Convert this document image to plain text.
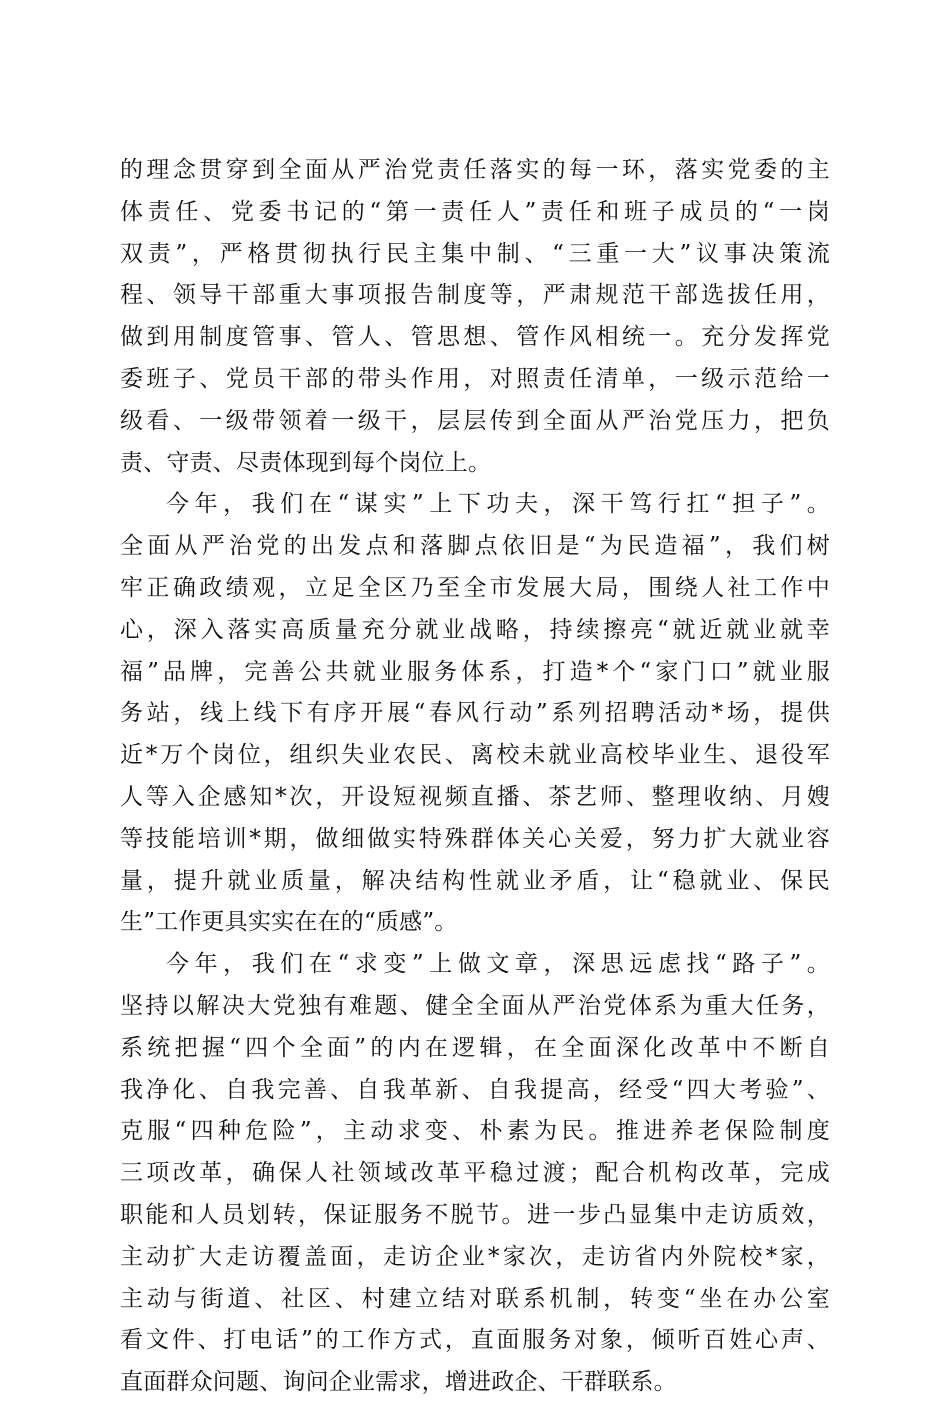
的理念贯穿到全面从严治党责任落实的每一环，落实党委的主
体责任、党委书记的“第一责任人”责任和班子成员的“一岗
双责”，严格贯彻执行民主集中制、“三重一大”议事决策流
程、领导干部重大事项报告制度等，严肃规范干部选拔任用，
做到用制度管事、管人、管思想、管作风相统一。充分发挥党
委班子、党员干部的带头作用，对照责任清单，一级示范给一
级看、一级带领着一级干，层层传到全面从严治党压力，把负
责、守责、尽责体现到每个岗位上。
今年，我们在“谋实”上下功夫，深干笃行扛“担子”。
全面从严治党的出发点和落脚点依旧是“为民造福”，我们树
牢正确政绩观，立足全区乃至全市发展大局，围绕人社工作中
心，深入落实高质量充分就业战略，持续擦亮“就近就业就幸
福”品牌，完善公共就业服务体系，打造*个“家门口”就业服
务站，线上线下有序开展“春风行动”系列招聘活动*场，提供
近*万个岗位，组织失业农民、离校未就业高校毕业生、退役军
人等入企感知*次，开设短视频直播、茶艺师、整理收纳、月嫂
等技能培训*期，做细做实特殊群体关心关爱，努力扩大就业容
量，提升就业质量，解决结构性就业矛盾，让“稳就业、保民
生”工作更具实实在在的“质感”。
今年，我们在“求变”上做文章，深思远虑找“路子”。
坚持以解决大党独有难题、健全全面从严治党体系为重大任务，
系统把握“四个全面”的内在逻辑，在全面深化改革中不断自
我净化、自我完善、自我革新、自我提高，经受“四大考验”、
克服“四种危险”，主动求变、朴素为民。推进养老保险制度
三项改革，确保人社领域改革平稳过渡；配合机构改革，完成
职能和人员划转，保证服务不脱节。进一步凸显集中走访质效，
主动扩大走访覆盖面，走访企业*家次，走访省内外院校*家，
主动与街道、社区、村建立结对联系机制，转变“坐在办公室
看文件、打电话”的工作方式，直面服务对象，倾听百姓心声、
直面群众问题、询问企业需求，增进政企、干群联系。
